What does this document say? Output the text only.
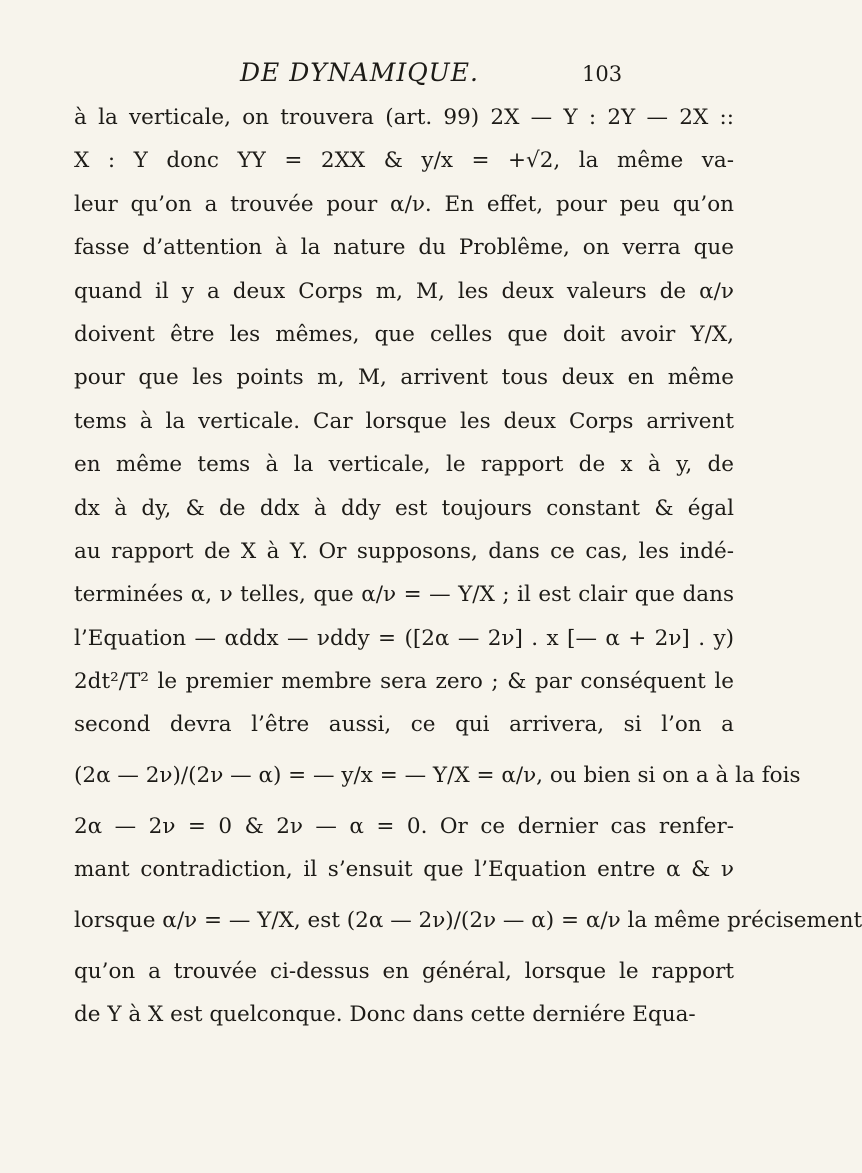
DE DYNAMIQUE.	103
à la verticale, on trouvera (art. 99) 2X — Y : 2Y — 2X ::
X : Y donc YY = 2XX & y/x = +√2, la même va-
leur qu’on a trouvée pour α/ν. En effet, pour peu qu’on
fasse d’attention à la nature du Problême, on verra que
quand il y a deux Corps m, M, les deux valeurs de α/ν
doivent être les mêmes, que celles que doit avoir Y/X,
pour que les points m, M, arrivent tous deux en même
tems à la verticale. Car lorsque les deux Corps arrivent
en même tems à la verticale, le rapport de x à y, de
dx à dy, & de ddx à ddy est toujours constant & égal
au rapport de X à Y. Or supposons, dans ce cas, les indé-
terminées α, ν telles, que α/ν = — Y/X ; il est clair que dans
l’Equation — αddx — νddy = ([2α — 2ν] . x [— α + 2ν] . y)
2dt²/T² le premier membre sera zero ; & par conséquent le
second devra l’être aussi, ce qui arrivera, si l’on a
(2α — 2ν)/(2ν — α) = — y/x = — Y/X = α/ν, ou bien si on a à la fois
2α — 2ν = 0 & 2ν — α = 0. Or ce dernier cas renfer-
mant contradiction, il s’ensuit que l’Equation entre α & ν
lorsque α/ν = — Y/X, est (2α — 2ν)/(2ν — α) = α/ν la même précisement
qu’on a trouvée ci-dessus en général, lorsque le rapport
de Y à X est quelconque. Donc dans cette derniére Equa-
